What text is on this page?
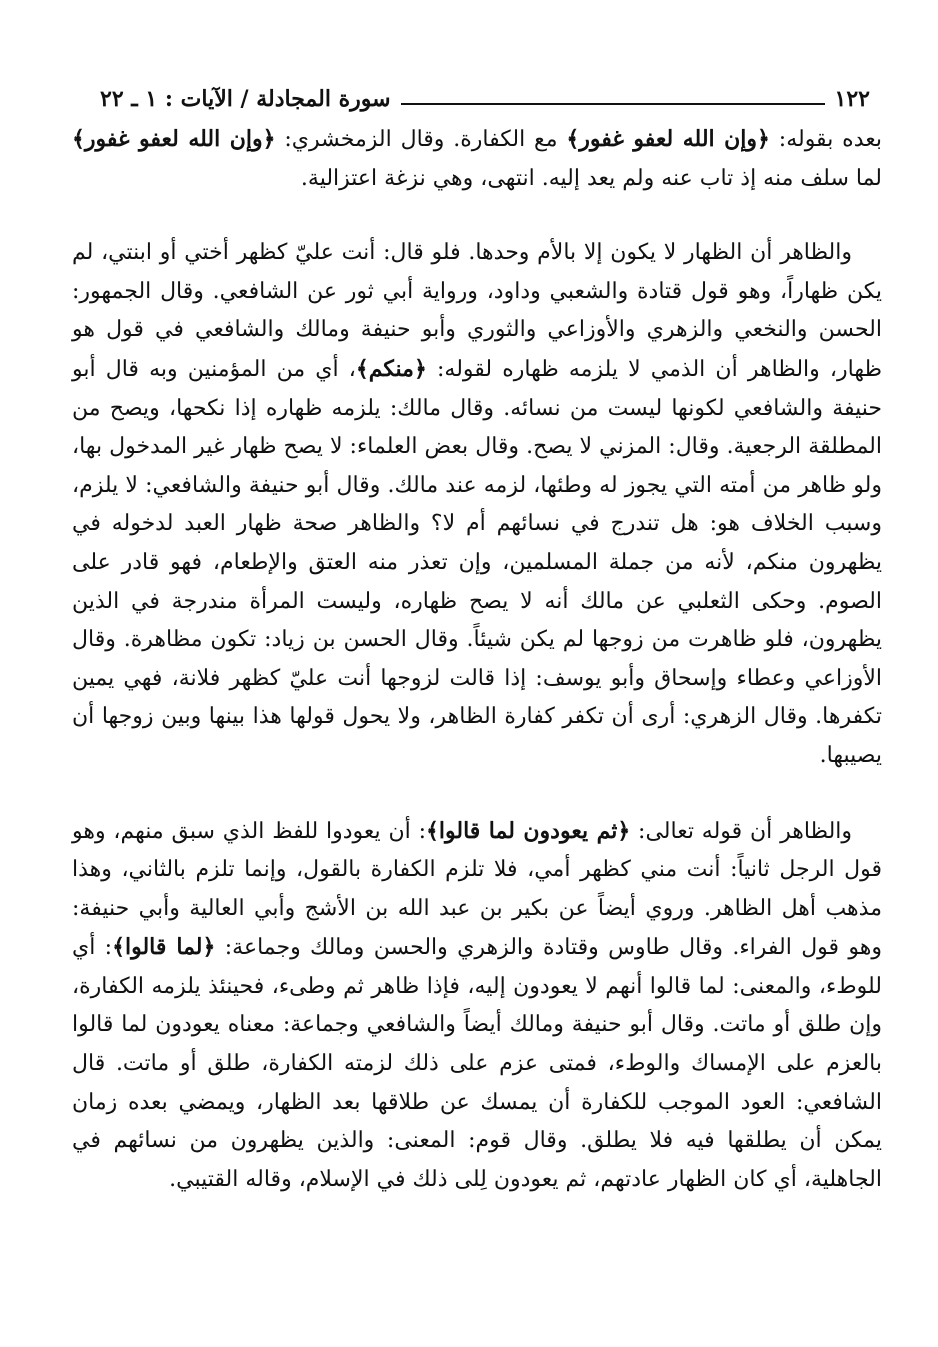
١٢٢
سورة المجادلة / الآيات : ١ ـ ٢٢

بعده بقوله: ﴿وإن الله لعفو غفور﴾ مع الكفارة. وقال الزمخشري: ﴿وإن الله لعفو غفور﴾ لما سلف منه إذ تاب عنه ولم يعد إليه. انتهى، وهي نزغة اعتزالية.

والظاهر أن الظهار لا يكون إلا بالأم وحدها. فلو قال: أنت عليّ كظهر أختي أو ابنتي، لم يكن ظهاراً، وهو قول قتادة والشعبي وداود، ورواية أبي ثور عن الشافعي. وقال الجمهور: الحسن والنخعي والزهري والأوزاعي والثوري وأبو حنيفة ومالك والشافعي في قول هو ظهار، والظاهر أن الذمي لا يلزمه ظهاره لقوله: ﴿منكم﴾، أي من المؤمنين وبه قال أبو حنيفة والشافعي لكونها ليست من نسائه. وقال مالك: يلزمه ظهاره إذا نكحها، ويصح من المطلقة الرجعية. وقال: المزني لا يصح. وقال بعض العلماء: لا يصح ظهار غير المدخول بها، ولو ظاهر من أمته التي يجوز له وطئها، لزمه عند مالك. وقال أبو حنيفة والشافعي: لا يلزم، وسبب الخلاف هو: هل تندرج في نسائهم أم لا؟ والظاهر صحة ظهار العبد لدخوله في يظهرون منكم، لأنه من جملة المسلمين، وإن تعذر منه العتق والإطعام، فهو قادر على الصوم. وحكى الثعلبي عن مالك أنه لا يصح ظهاره، وليست المرأة مندرجة في الذين يظهرون، فلو ظاهرت من زوجها لم يكن شيئاً. وقال الحسن بن زياد: تكون مظاهرة. وقال الأوزاعي وعطاء وإسحاق وأبو يوسف: إذا قالت لزوجها أنت عليّ كظهر فلانة، فهي يمين تكفرها. وقال الزهري: أرى أن تكفر كفارة الظاهر، ولا يحول قولها هذا بينها وبين زوجها أن يصيبها.

والظاهر أن قوله تعالى: ﴿ثم يعودون لما قالوا﴾: أن يعودوا للفظ الذي سبق منهم، وهو قول الرجل ثانياً: أنت مني كظهر أمي، فلا تلزم الكفارة بالقول، وإنما تلزم بالثاني، وهذا مذهب أهل الظاهر. وروي أيضاً عن بكير بن عبد الله بن الأشج وأبي العالية وأبي حنيفة: وهو قول الفراء. وقال طاوس وقتادة والزهري والحسن ومالك وجماعة: ﴿لما قالوا﴾: أي للوطء، والمعنى: لما قالوا أنهم لا يعودون إليه، فإذا ظاهر ثم وطىء، فحينئذ يلزمه الكفارة، وإن طلق أو ماتت. وقال أبو حنيفة ومالك أيضاً والشافعي وجماعة: معناه يعودون لما قالوا بالعزم على الإمساك والوطء، فمتى عزم على ذلك لزمته الكفارة، طلق أو ماتت. قال الشافعي: العود الموجب للكفارة أن يمسك عن طلاقها بعد الظهار، ويمضي بعده زمان يمكن أن يطلقها فيه فلا يطلق. وقال قوم: المعنى: والذين يظهرون من نسائهم في الجاهلية، أي كان الظهار عادتهم، ثم يعودون لِلى ذلك في الإسلام، وقاله القتيبي.
